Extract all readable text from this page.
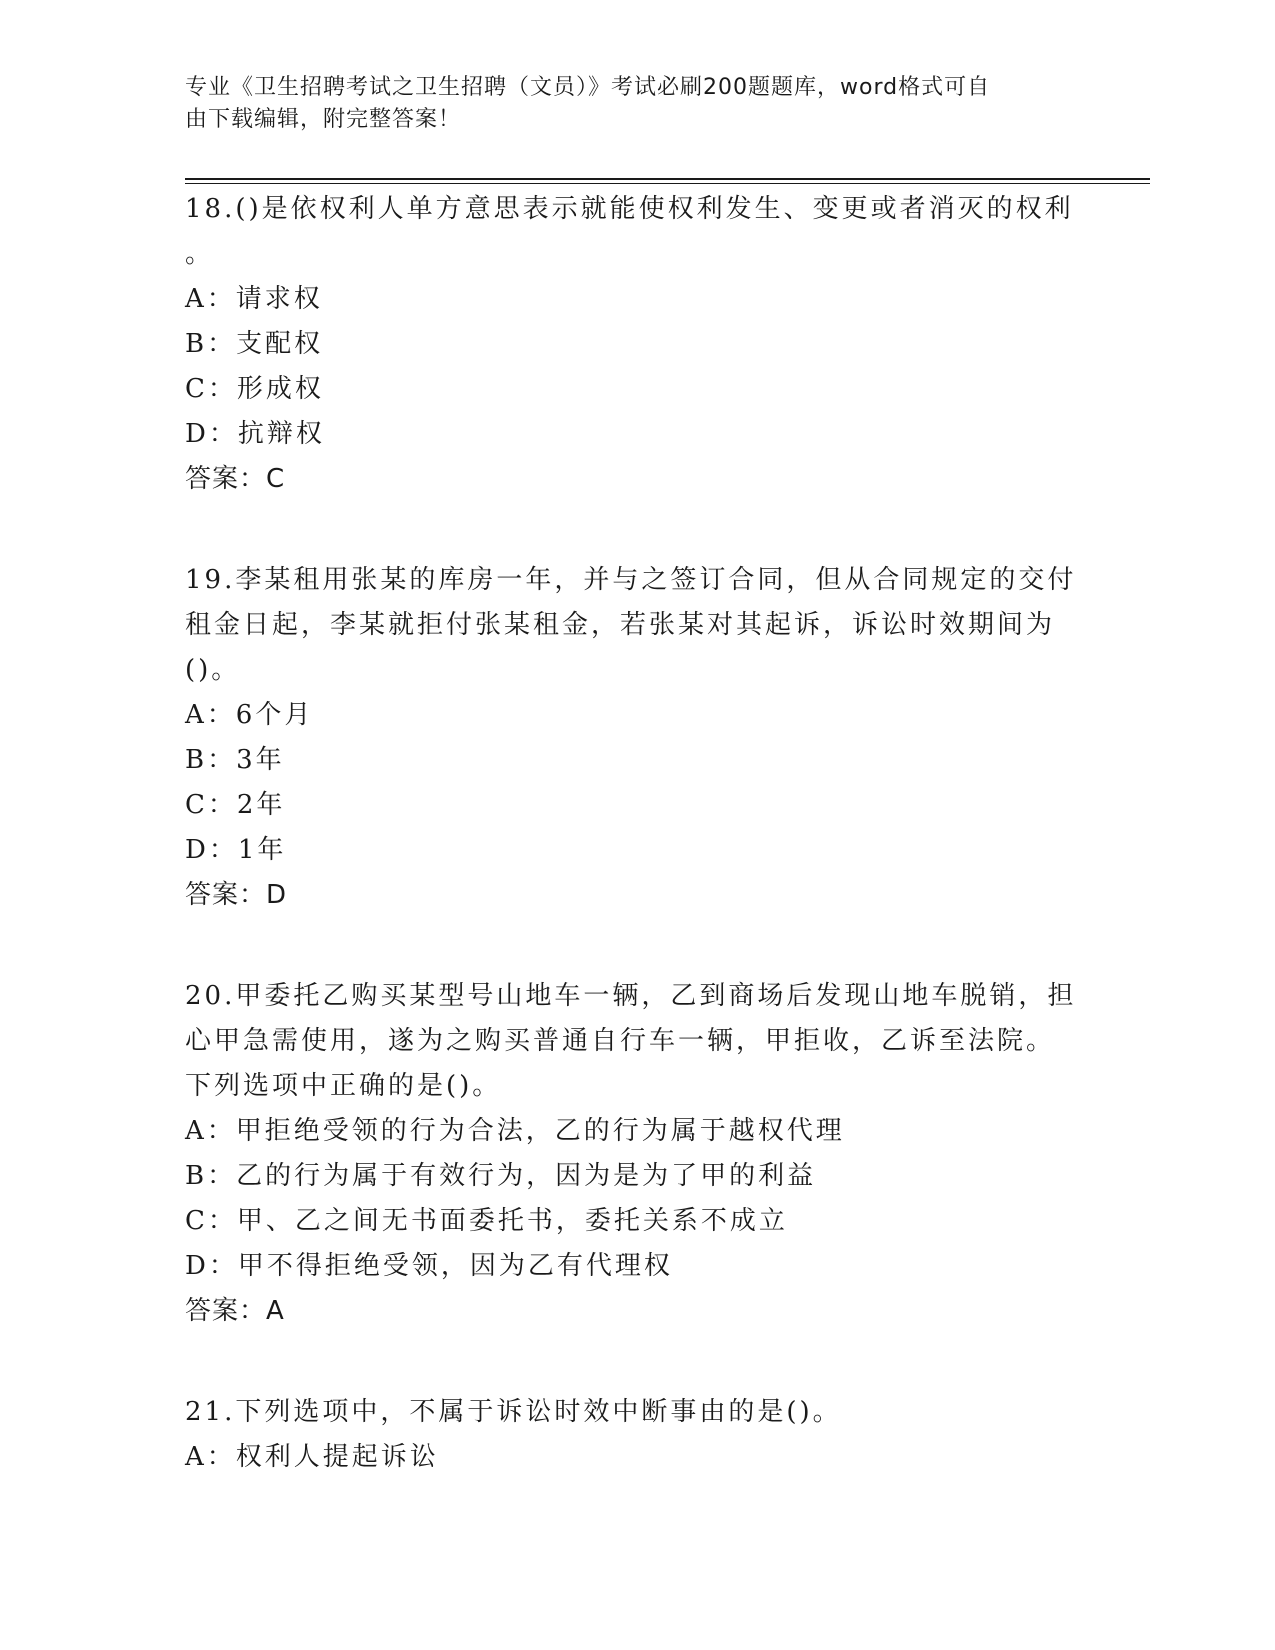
专业《卫生招聘考试之卫生招聘（文员）》考试必刷200题题库，word格式可自
由下载编辑，附完整答案！
18.()是依权利人单方意思表示就能使权利发生、变更或者消灭的权利
。
A：请求权
B：支配权
C：形成权
D：抗辩权
答案：C
19.李某租用张某的库房一年，并与之签订合同，但从合同规定的交付
租金日起，李某就拒付张某租金，若张某对其起诉，诉讼时效期间为
()。
A：6个月
B：3年
C：2年
D：1年
答案：D
20.甲委托乙购买某型号山地车一辆，乙到商场后发现山地车脱销，担
心甲急需使用，遂为之购买普通自行车一辆，甲拒收，乙诉至法院。
下列选项中正确的是()。
A：甲拒绝受领的行为合法，乙的行为属于越权代理
B：乙的行为属于有效行为，因为是为了甲的利益
C：甲、乙之间无书面委托书，委托关系不成立
D：甲不得拒绝受领，因为乙有代理权
答案：A
21.下列选项中，不属于诉讼时效中断事由的是()。
A：权利人提起诉讼
